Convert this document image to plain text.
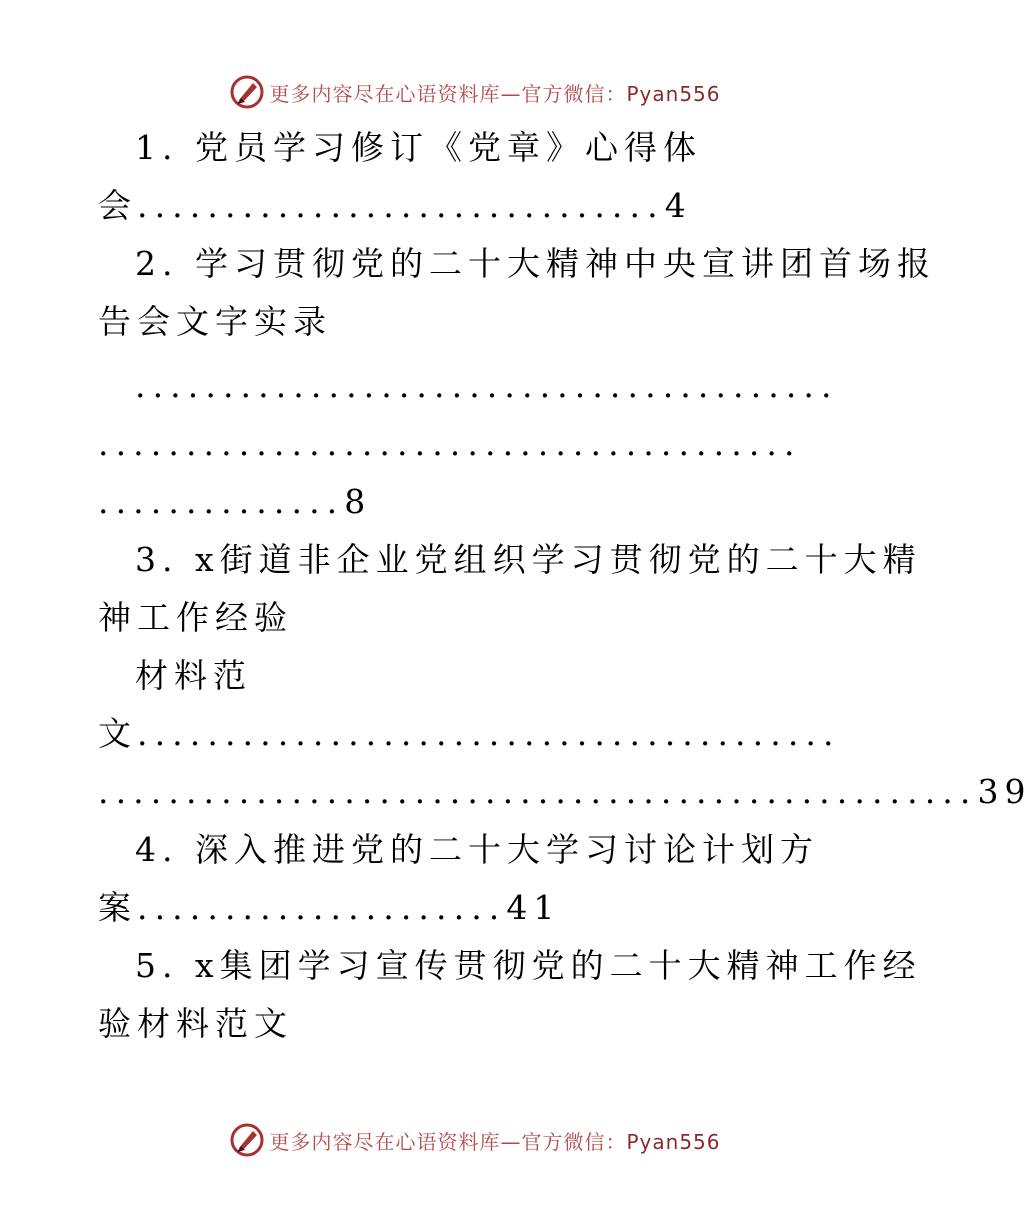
更多内容尽在心语资料库—官方微信：Pyan556
1. 党员学习修订《党章》心得体
会..............................4
2. 学习贯彻党的二十大精神中央宣讲团首场报
告会文字实录
........................................
........................................
..............8
3. x街道非企业党组织学习贯彻党的二十大精
神工作经验
材料范
文........................................
..................................................39
4. 深入推进党的二十大学习讨论计划方
案.....................41
5. x集团学习宣传贯彻党的二十大精神工作经
验材料范文
更多内容尽在心语资料库—官方微信：Pyan556
